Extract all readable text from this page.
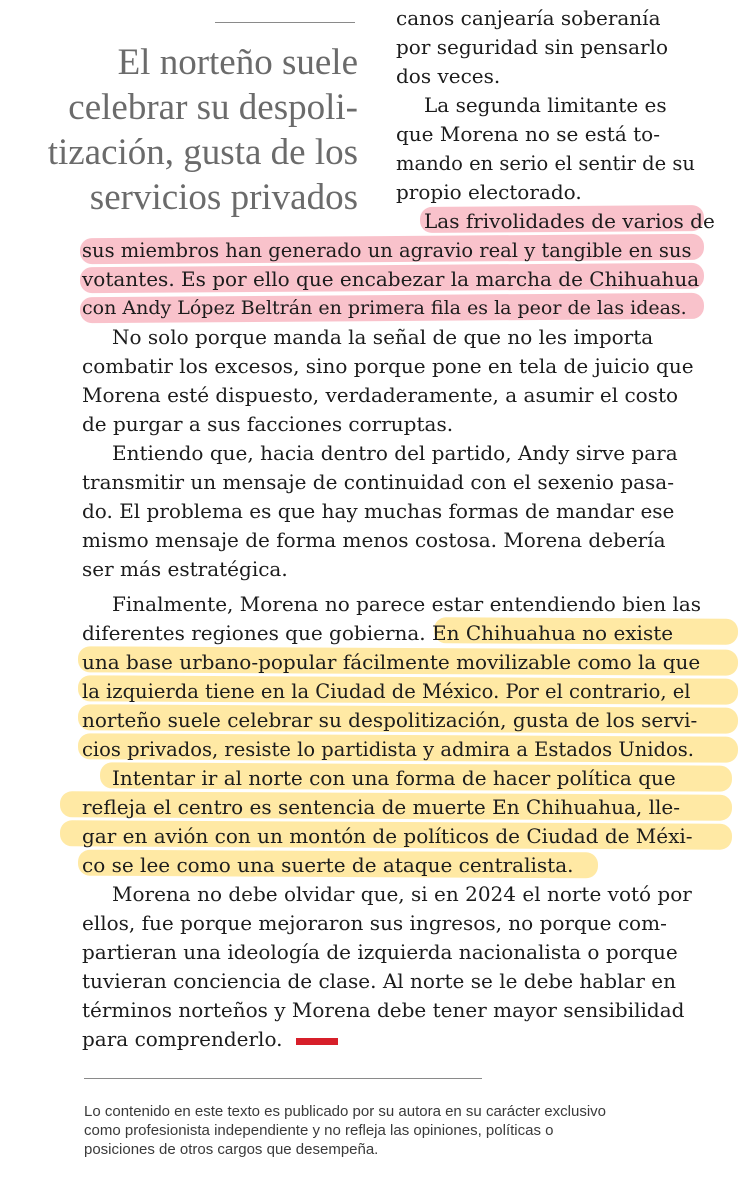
El norteño suele
celebrar su despoli-
tización, gusta de los
servicios privados
canos canjearía soberanía
por seguridad sin pensarlo
dos veces.
La segunda limitante es
que Morena no se está to-
mando en serio el sentir de su
propio electorado.
Las frivolidades de varios de
sus miembros han generado un agravio real y tangible en sus
votantes. Es por ello que encabezar la marcha de Chihuahua
con Andy López Beltrán en primera fila es la peor de las ideas.
No solo porque manda la señal de que no les importa
combatir los excesos, sino porque pone en tela de juicio que
Morena esté dispuesto, verdaderamente, a asumir el costo
de purgar a sus facciones corruptas.
Entiendo que, hacia dentro del partido, Andy sirve para
transmitir un mensaje de continuidad con el sexenio pasa-
do. El problema es que hay muchas formas de mandar ese
mismo mensaje de forma menos costosa. Morena debería
ser más estratégica.
Finalmente, Morena no parece estar entendiendo bien las
diferentes regiones que gobierna. En Chihuahua no existe
una base urbano-popular fácilmente movilizable como la que
la izquierda tiene en la Ciudad de México. Por el contrario, el
norteño suele celebrar su despolitización, gusta de los servi-
cios privados, resiste lo partidista y admira a Estados Unidos.
Intentar ir al norte con una forma de hacer política que
refleja el centro es sentencia de muerte En Chihuahua, lle-
gar en avión con un montón de políticos de Ciudad de Méxi-
co se lee como una suerte de ataque centralista.
Morena no debe olvidar que, si en 2024 el norte votó por
ellos, fue porque mejoraron sus ingresos, no porque com-
partieran una ideología de izquierda nacionalista o porque
tuvieran conciencia de clase. Al norte se le debe hablar en
términos norteños y Morena debe tener mayor sensibilidad
para comprenderlo.
Lo contenido en este texto es publicado por su autora en su carácter exclusivo
como profesionista independiente y no refleja las opiniones, políticas o
posiciones de otros cargos que desempeña.
